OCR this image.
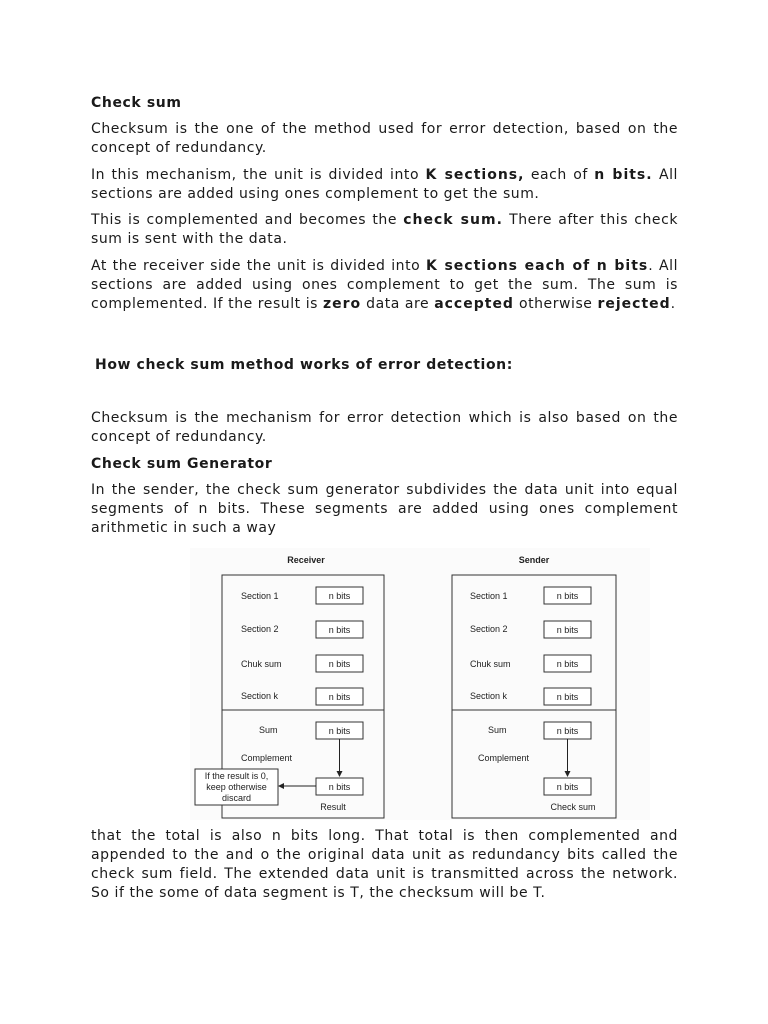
Check sum

Checksum is the one of the method used for error detection, based on the concept of redundancy.

In this mechanism, the unit is divided into K sections, each of n bits. All sections are added using ones complement to get the sum.

This is complemented and becomes the check sum. There after this check sum is sent with the data.

At the receiver side the unit is divided into K sections each of n bits. All sections are added using ones complement to get the sum. The sum is complemented. If the result is zero data are accepted otherwise rejected.

How check sum method works of error detection:

Checksum is the mechanism for error detection which is also based on the concept of redundancy.

Check sum Generator

In the sender, the check sum generator subdivides the data unit into equal segments of n bits. These segments are added using ones complement arithmetic in such a way

Receiver
Section 1	n bits
Section 2	n bits
Chuk sum	n bits
Section k	n bits
Sum	n bits
Complement
n bits
Result
If the result is 0,
keep otherwise
discard
Sender
Section 1	n bits
Section 2	n bits
Chuk sum	n bits
Section k	n bits
Sum	n bits
Complement
n bits
Check sum

that the total is also n bits long. That total is then complemented and appended to the and o the original data unit as redundancy bits called the check sum field. The extended data unit is transmitted across the network. So if the some of data segment is T, the checksum will be T.
